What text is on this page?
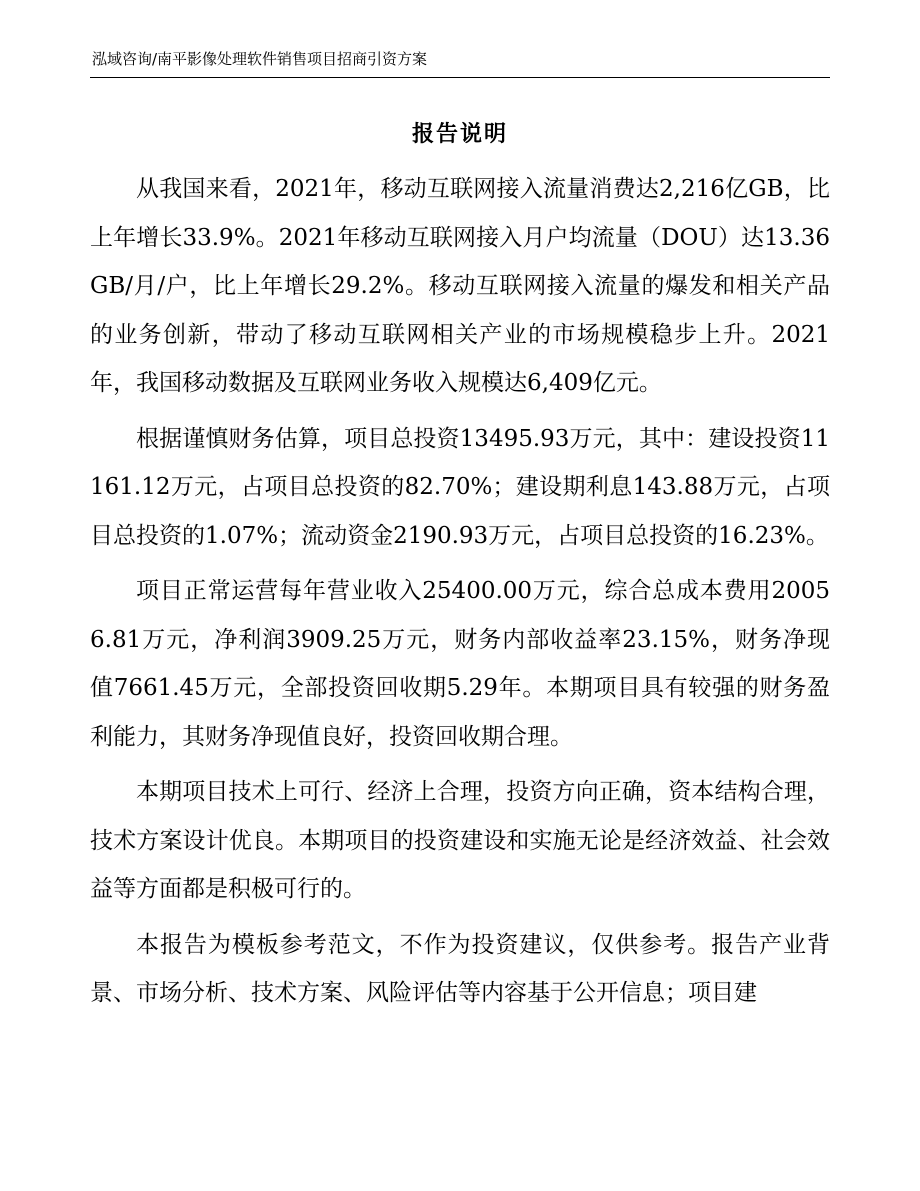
泓域咨询/南平影像处理软件销售项目招商引资方案
报告说明

从我国来看，2021年，移动互联网接入流量消费达2,216亿GB，比上年增长33.9%。2021年移动互联网接入月户均流量（DOU）达13.36GB/月/户，比上年增长29.2%。移动互联网接入流量的爆发和相关产品的业务创新，带动了移动互联网相关产业的市场规模稳步上升。2021年，我国移动数据及互联网业务收入规模达6,409亿元。

根据谨慎财务估算，项目总投资13495.93万元，其中：建设投资11161.12万元，占项目总投资的82.70%；建设期利息143.88万元，占项目总投资的1.07%；流动资金2190.93万元，占项目总投资的16.23%。

项目正常运营每年营业收入25400.00万元，综合总成本费用20056.81万元，净利润3909.25万元，财务内部收益率23.15%，财务净现值7661.45万元，全部投资回收期5.29年。本期项目具有较强的财务盈利能力，其财务净现值良好，投资回收期合理。

本期项目技术上可行、经济上合理，投资方向正确，资本结构合理，技术方案设计优良。本期项目的投资建设和实施无论是经济效益、社会效益等方面都是积极可行的。

本报告为模板参考范文，不作为投资建议，仅供参考。报告产业背景、市场分析、技术方案、风险评估等内容基于公开信息；项目建
